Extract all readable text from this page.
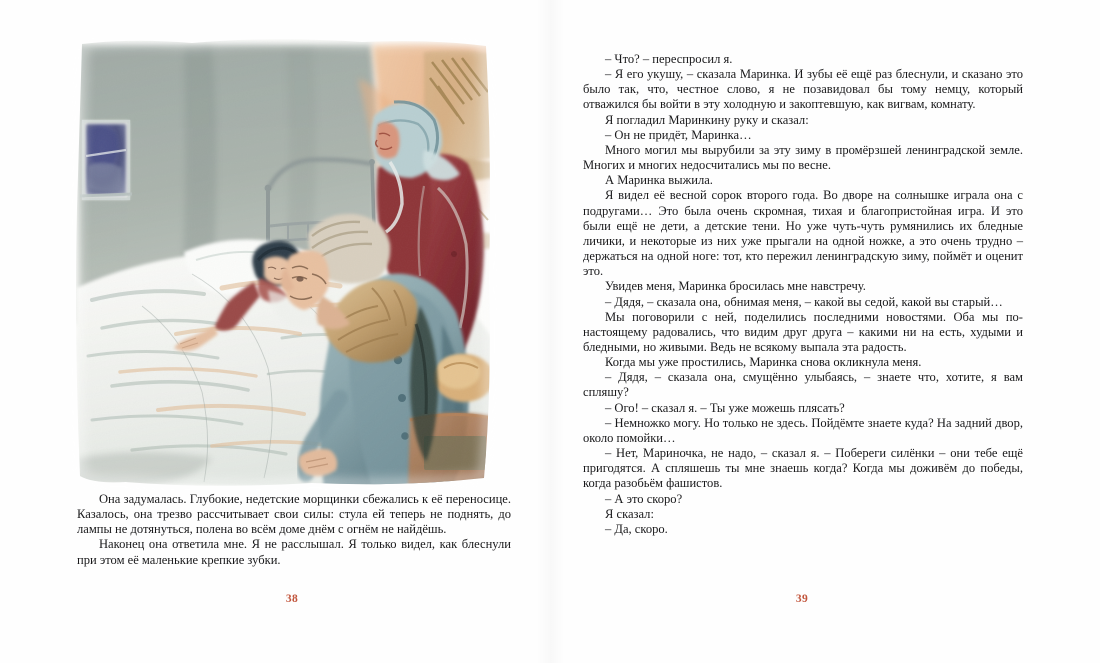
Она задумалась. Глубокие, недетские морщинки сбежались к её переносице. Казалось, она трезво рассчитывает свои силы: стула ей теперь не поднять, до лампы не дотянуться, полена во всём доме днём с огнём не найдёшь.

Наконец она ответила мне. Я не расслышал. Я только видел, как блеснули при этом её маленькие крепкие зубки.

38

– Что? – переспросил я.

– Я его укушу, – сказала Маринка. И зубы её ещё раз блеснули, и сказано это было так, что, честное слово, я не позавидовал бы тому немцу, который отважился бы войти в эту холодную и закоптевшую, как вигвам, комнату.

Я погладил Маринкину руку и сказал:

– Он не придёт, Маринка…

Много могил мы вырубили за эту зиму в промёрзшей ленинградской земле. Многих и многих недосчитались мы по весне.

А Маринка выжила.

Я видел её весной сорок второго года. Во дворе на солнышке играла она с подругами… Это была очень скромная, тихая и благопристойная игра. И это были ещё не дети, а детские тени. Но уже чуть-чуть румянились их бледные личики, и некоторые из них уже прыгали на одной ножке, а это очень трудно – держаться на одной ноге: тот, кто пережил ленинградскую зиму, поймёт и оценит это.

Увидев меня, Маринка бросилась мне навстречу.

– Дядя, – сказала она, обнимая меня, – какой вы седой, какой вы старый…

Мы поговорили с ней, поделились последними новостями. Оба мы по-настоящему радовались, что видим друг друга – какими ни на есть, худыми и бледными, но живыми. Ведь не всякому выпала эта радость.

Когда мы уже простились, Маринка снова окликнула меня.

– Дядя, – сказала она, смущённо улыбаясь, – знаете что, хотите, я вам спляшу?

– Ого! – сказал я. – Ты уже можешь плясать?

– Немножко могу. Но только не здесь. Пойдёмте знаете куда? На задний двор, около помойки…

– Нет, Мариночка, не надо, – сказал я. – Побереги силёнки – они тебе ещё пригодятся. А спляшешь ты мне знаешь когда? Когда мы доживём до победы, когда разобьём фашистов.

– А это скоро?

Я сказал:

– Да, скоро.

39
